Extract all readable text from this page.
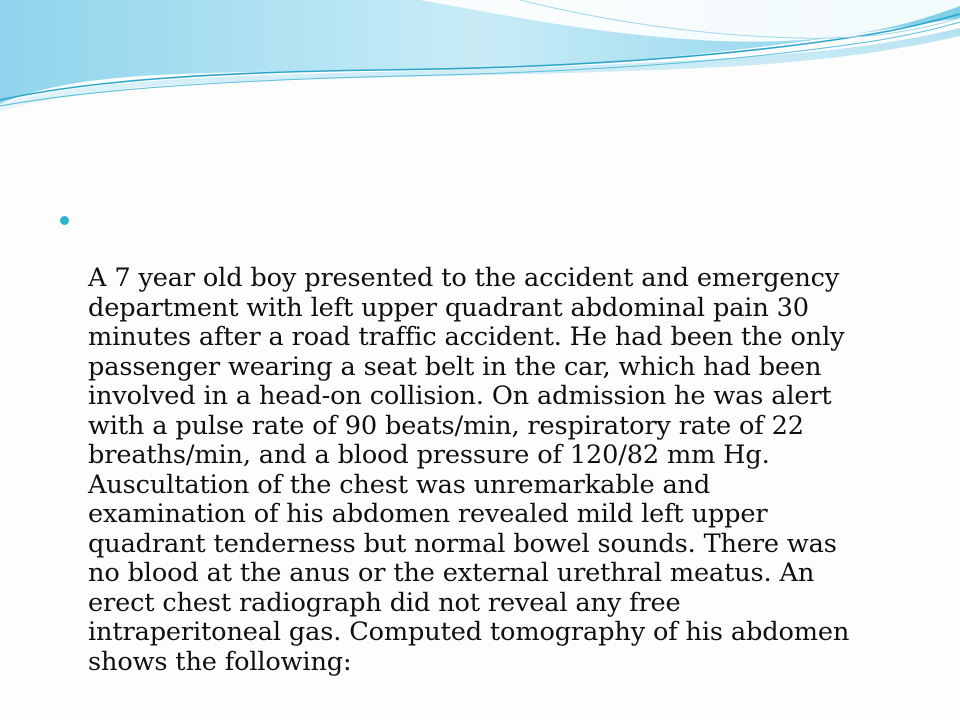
A 7 year old boy presented to the accident and emergency
department with left upper quadrant abdominal pain 30
minutes after a road traffic accident. He had been the only
passenger wearing a seat belt in the car, which had been
involved in a head-on collision. On admission he was alert
with a pulse rate of 90 beats/min, respiratory rate of 22
breaths/min, and a blood pressure of 120/82 mm Hg.
Auscultation of the chest was unremarkable and
examination of his abdomen revealed mild left upper
quadrant tenderness but normal bowel sounds. There was
no blood at the anus or the external urethral meatus. An
erect chest radiograph did not reveal any free
intraperitoneal gas. Computed tomography of his abdomen
shows the following:
